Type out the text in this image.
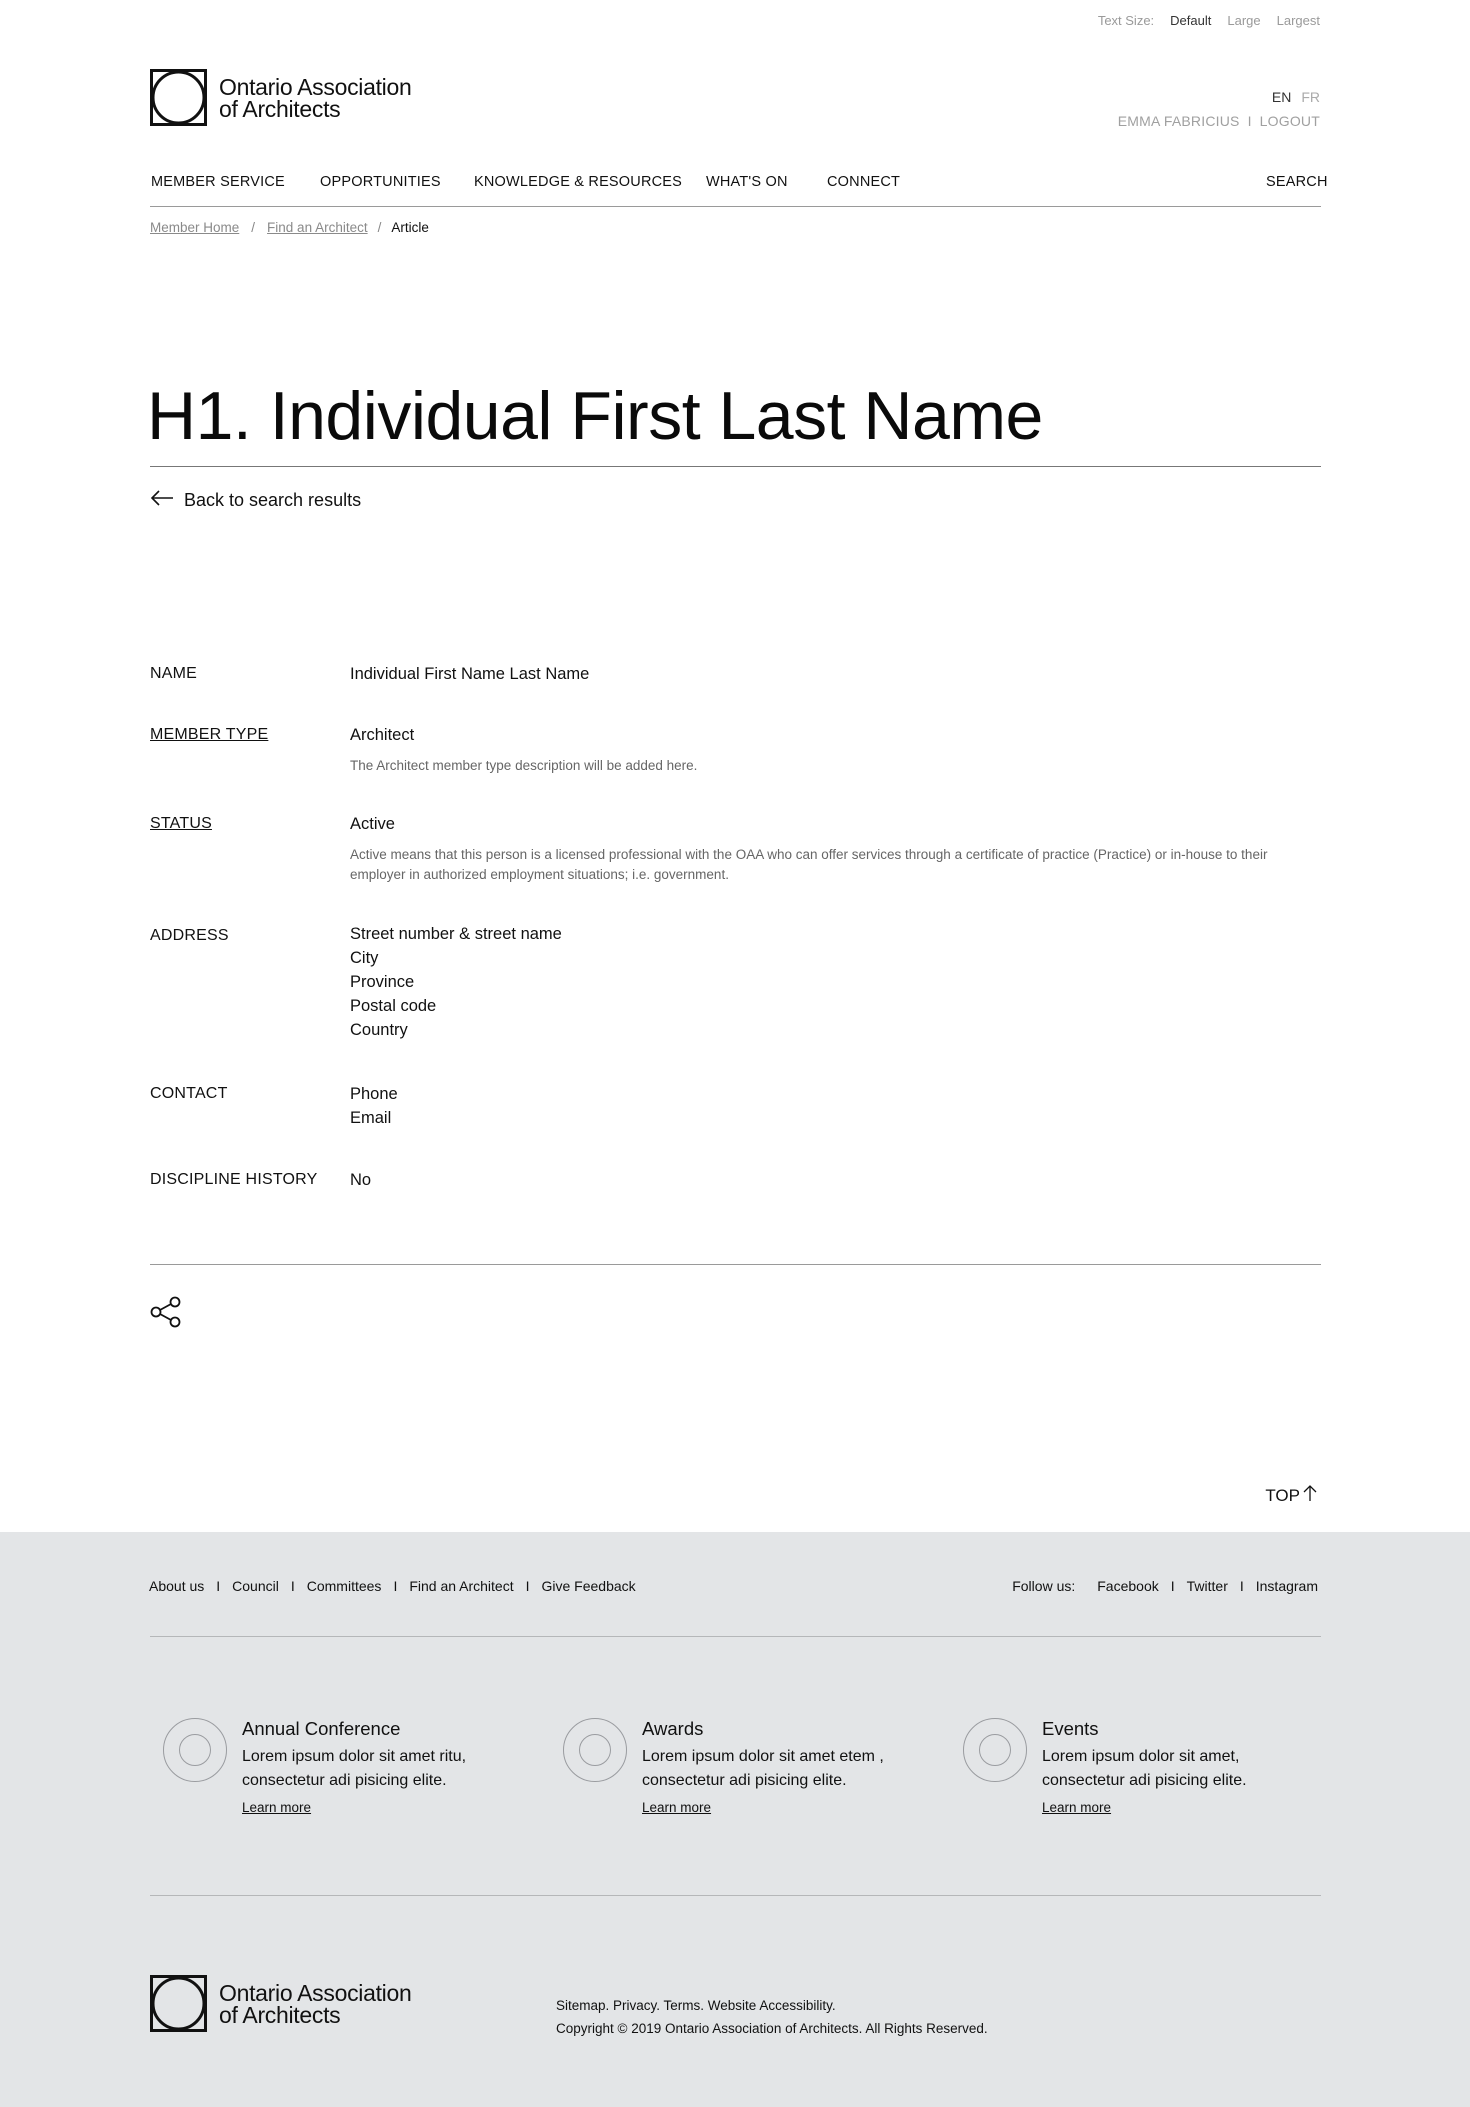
Text Size: Default Large Largest
Ontario Association
of Architects	EN FR
EMMA FABRICIUS I LOGOUT
MEMBER SERVICE OPPORTUNITIES KNOWLEDGE & RESOURCES WHAT'S ON	CONNECT	SEARCH
Member Home / Find an Architect / Article
H1. Individual First Last Name
Back to search results
NAME	Individual First Name Last Name
MEMBER TYPE	Architect
The Architect member type description will be added here.
STATUS	Active
Active means that this person is a licensed professional with the OAA who can offer services through a certificate of practice (Practice) or in-house to their employer in authorized employment situations; i.e. government.
ADDRESS	Street number & street name
City
Province
Postal code
Country
CONTACT	Phone
Email
DISCIPLINE HISTORY No
TOP
About us I Council I Committees I Find an Architect I Give Feedback	Follow us: Facebook I Twitter I Instagram
Annual Conference
Lorem ipsum dolor sit amet ritu, consectetur adi pisicing elite.
Learn more
Awards
Lorem ipsum dolor sit amet etem , consectetur adi pisicing elite.
Learn more
Events
Lorem ipsum dolor sit amet, consectetur adi pisicing elite.
Learn more
Ontario Association
of Architects	Sitemap. Privacy. Terms. Website Accessibility.
Copyright © 2019 Ontario Association of Architects. All Rights Reserved.
